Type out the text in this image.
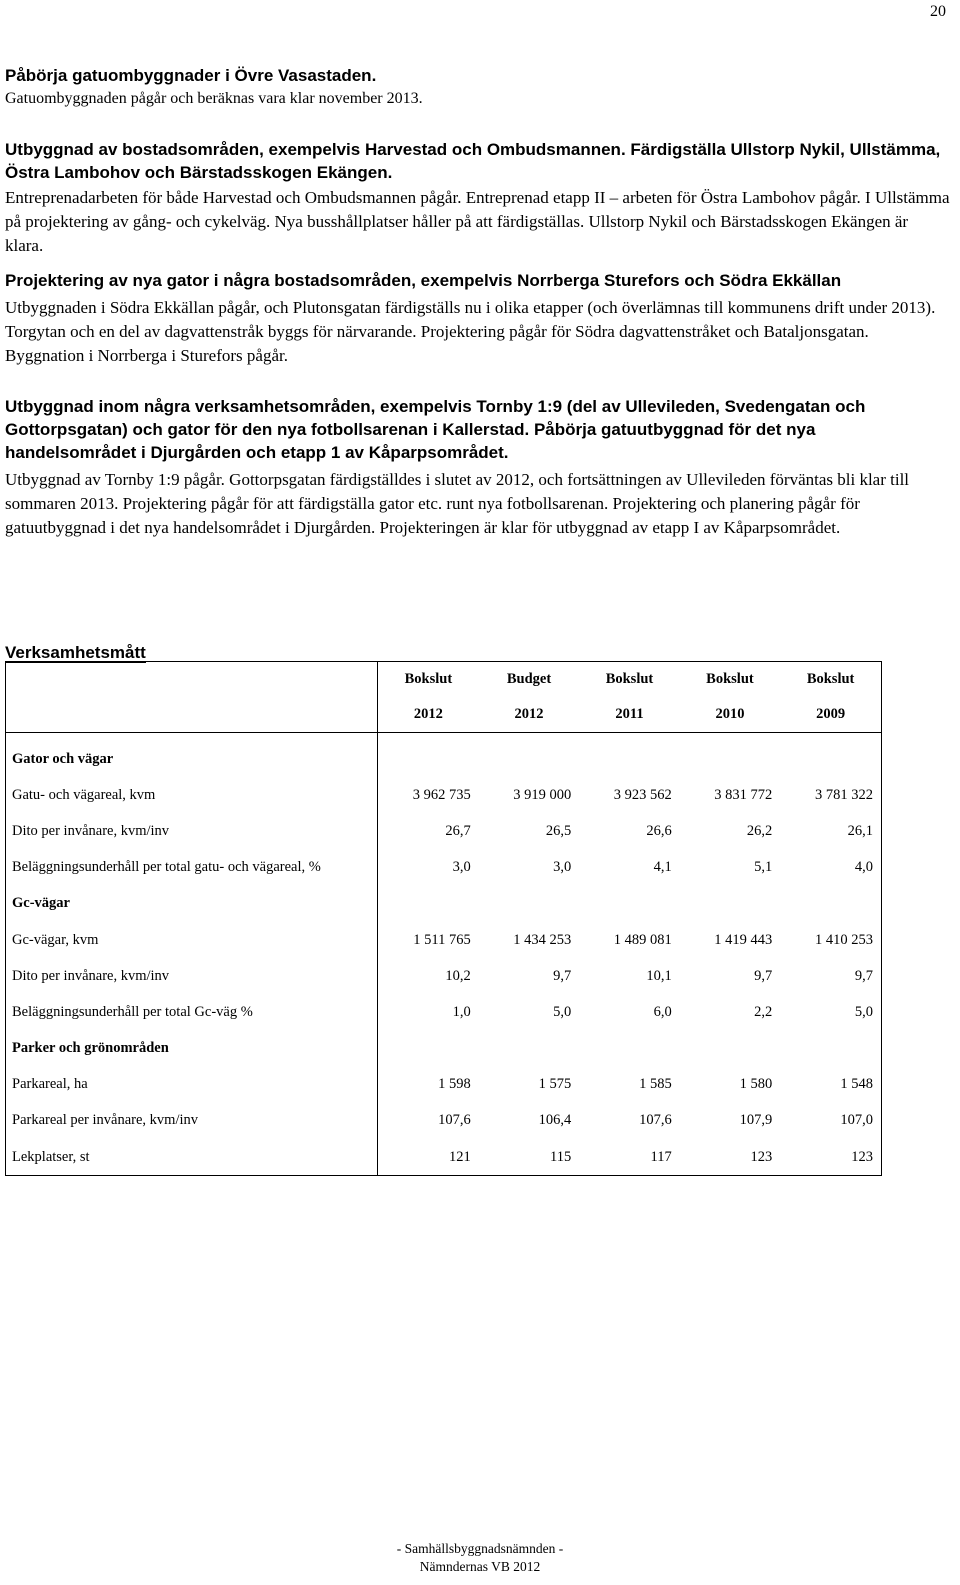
20
Påbörja gatuombyggnader i Övre Vasastaden.

Gatuombyggnaden pågår och beräknas vara klar november 2013.

Utbyggnad av bostadsområden, exempelvis Harvestad och Ombudsmannen. Färdigställa Ullstorp Nykil, Ullstämma, Östra Lambohov och Bärstadsskogen Ekängen.

Entreprenadarbeten för både Harvestad och Ombudsmannen pågår. Entreprenad etapp II – arbeten för Östra Lambohov pågår. I Ullstämma på projektering av gång- och cykelväg. Nya busshållplatser håller på att färdigställas. Ullstorp Nykil och Bärstadsskogen Ekängen är klara.

Projektering av nya gator i några bostadsområden, exempelvis Norrberga Sturefors och Södra Ekkällan

Utbyggnaden i Södra Ekkällan pågår, och Plutonsgatan färdigställs nu i olika etapper (och överlämnas till kommunens drift under 2013). Torgytan och en del av dagvattenstråk byggs för närvarande. Projektering pågår för Södra dagvattenstråket och Bataljonsgatan. Byggnation i Norrberga i Sturefors pågår.

Utbyggnad inom några verksamhetsområden, exempelvis Tornby 1:9 (del av Ullevileden, Svedengatan och Gottorpsgatan) och gator för den nya fotbollsarenan i Kallerstad. Påbörja gatuutbyggnad för det nya handelsområdet i Djurgården och etapp 1 av Kåparpsområdet.

Utbyggnad av Tornby 1:9 pågår. Gottorpsgatan färdigställdes i slutet av 2012, och fortsättningen av Ullevileden förväntas bli klar till sommaren 2013. Projektering pågår för att färdigställa gator etc. runt nya fotbollsarenan. Projektering och planering pågår för gatuutbyggnad i det nya handelsområdet i Djurgården. Projekteringen är klar för utbyggnad av etapp I av Kåparpsområdet.

Verksamhetsmått
	Bokslut	Budget	Bokslut	Bokslut	Bokslut
	2012	2012	2011	2010	2009
Gator och vägar					
Gatu- och vägareal, kvm	3 962 735	3 919 000	3 923 562	3 831 772	3 781 322
Dito per invånare, kvm/inv	26,7	26,5	26,6	26,2	26,1
Beläggningsunderhåll per total gatu- och vägareal, %	3,0	3,0	4,1	5,1	4,0
Gc-vägar					
Gc-vägar, kvm	1 511 765	1 434 253	1 489 081	1 419 443	1 410 253
Dito per invånare, kvm/inv	10,2	9,7	10,1	9,7	9,7
Beläggningsunderhåll per total Gc-väg %	1,0	5,0	6,0	2,2	5,0
Parker och grönområden					
Parkareal, ha	1 598	1 575	1 585	1 580	1 548
Parkareal per invånare, kvm/inv	107,6	106,4	107,6	107,9	107,0
Lekplatser, st	121	115	117	123	123
- Samhällsbyggnadsnämnden -
Nämndernas VB 2012
